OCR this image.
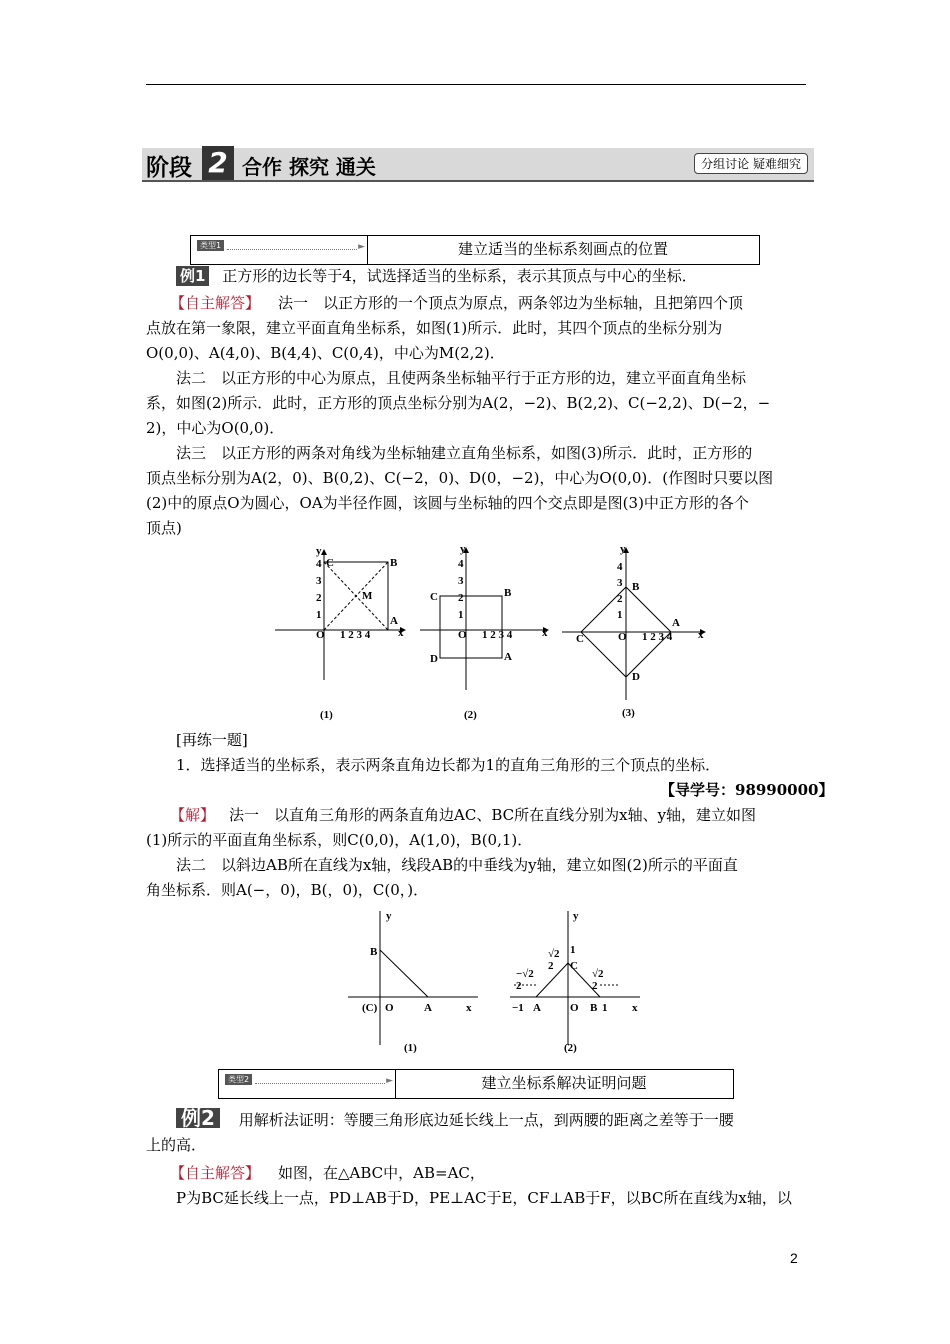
阶段 2 合作 探究 通关	分组讨论 疑难细究
类型1 ►	建立适当的坐标系刻画点的位置
例1 正方形的边长等于4，试选择适当的坐标系，表示其顶点与中心的坐标．
【自主解答】 法一　以正方形的一个顶点为原点，两条邻边为坐标轴，且把第四个顶
点放在第一象限，建立平面直角坐标系，如图(1)所示．此时，其四个顶点的坐标分别为
O(0,0)、A(4,0)、B(4,4)、C(0,4)，中心为M(2,2)．
法二　以正方形的中心为原点，且使两条坐标轴平行于正方形的边，建立平面直角坐标
系，如图(2)所示．此时，正方形的顶点坐标分别为A(2，−2)、B(2,2)、C(−2,2)、D(−2，−
2)，中心为O(0,0)．
法三　以正方形的两条对角线为坐标轴建立直角坐标系，如图(3)所示．此时，正方形的
顶点坐标分别为A(2，0)、B(0,2)、C(−2，0)、D(0，−2)，中心为O(0,0)．(作图时只要以图
(2)中的原点O为圆心，OA为半径作圆，该圆与坐标轴的四个交点即是图(3)中正方形的各个
顶点)
y
x
C	B
A
M
O 1 2 3 4
4
3
2
1
y
x
C	B
A
D
O 1 2 3 4
4
3
2
1
y
x
B
A
C
D
O 1 2 3 4
4
3
2
1
(1)	(2)	(3)
[再练一题]
1．选择适当的坐标系，表示两条直角边长都为1的直角三角形的三个顶点的坐标．
【导学号：98990000】
【解】 法一　以直角三角形的两条直角边AC、BC所在直线分别为x轴、y轴，建立如图
(1)所示的平面直角坐标系，则C(0,0)，A(1,0)，B(0,1)．
法二　以斜边AB所在直线为x轴，线段AB的中垂线为y轴，建立如图(2)所示的平面直
角坐标系．则A(−，0)，B(，0)，C(0，)．
y
B
A
(C) O	x
y
C
1
√2
2
−√2
2
√2
2
−1 A	O B 1 x
(1)	(2)
类型2 ►	建立坐标系解决证明问题
例2 用解析法证明：等腰三角形底边延长线上一点，到两腰的距离之差等于一腰
上的高．
【自主解答】 如图，在△ABC中，AB=AC，
P为BC延长线上一点，PD⊥AB于D，PE⊥AC于E，CF⊥AB于F，以BC所在直线为x轴，以
2
